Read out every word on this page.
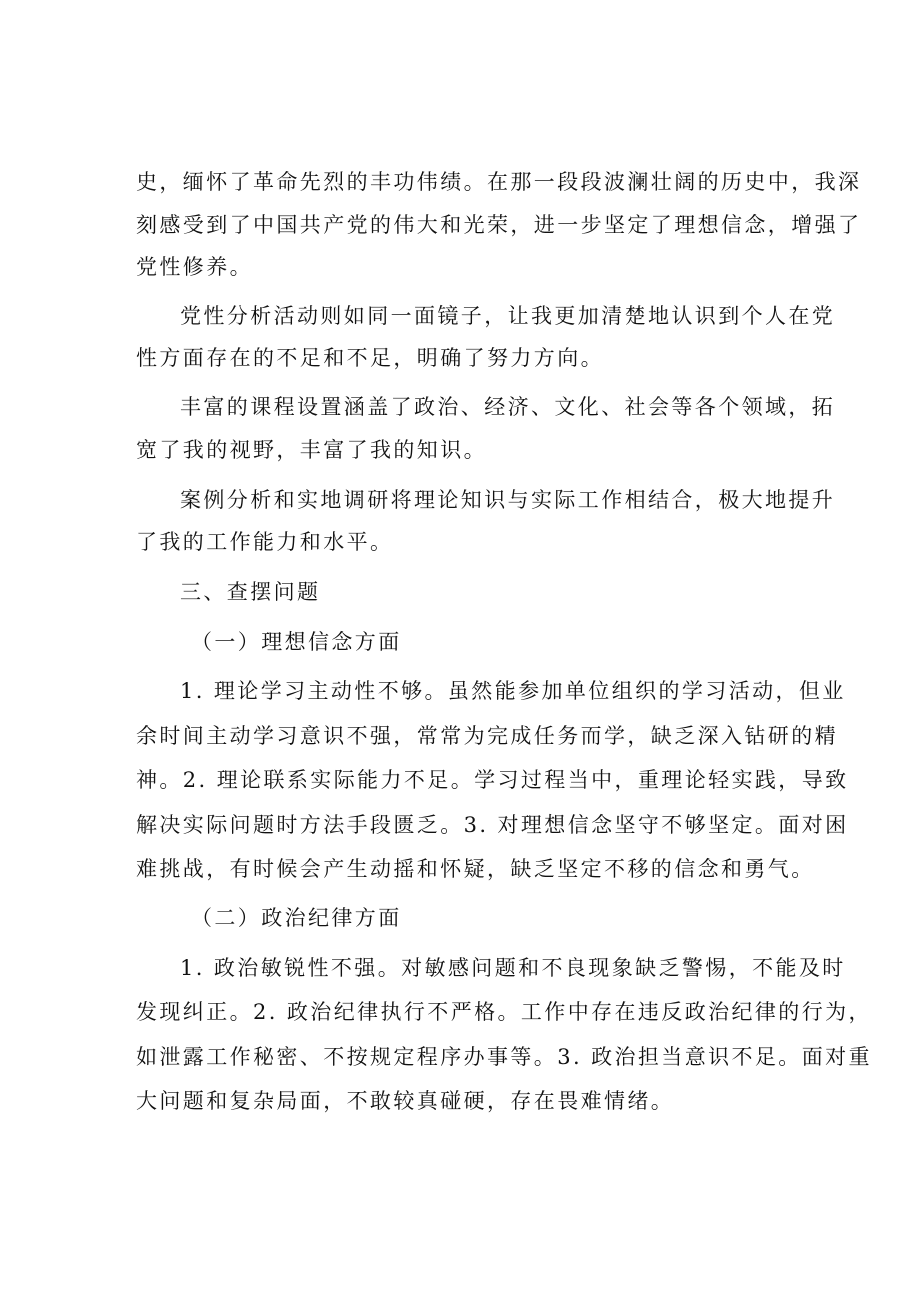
史，缅怀了革命先烈的丰功伟绩。在那一段段波澜壮阔的历史中，我深
刻感受到了中国共产党的伟大和光荣，进一步坚定了理想信念，增强了
党性修养。
党性分析活动则如同一面镜子，让我更加清楚地认识到个人在党
性方面存在的不足和不足，明确了努力方向。
丰富的课程设置涵盖了政治、经济、文化、社会等各个领域，拓
宽了我的视野，丰富了我的知识。
案例分析和实地调研将理论知识与实际工作相结合，极大地提升
了我的工作能力和水平。
三、查摆问题
（一）理想信念方面
1. 理论学习主动性不够。虽然能参加单位组织的学习活动，但业
余时间主动学习意识不强，常常为完成任务而学，缺乏深入钻研的精
神。2. 理论联系实际能力不足。学习过程当中，重理论轻实践，导致
解决实际问题时方法手段匮乏。3. 对理想信念坚守不够坚定。面对困
难挑战，有时候会产生动摇和怀疑，缺乏坚定不移的信念和勇气。
（二）政治纪律方面
1. 政治敏锐性不强。对敏感问题和不良现象缺乏警惕，不能及时
发现纠正。2. 政治纪律执行不严格。工作中存在违反政治纪律的行为，
如泄露工作秘密、不按规定程序办事等。3. 政治担当意识不足。面对重
大问题和复杂局面，不敢较真碰硬，存在畏难情绪。
